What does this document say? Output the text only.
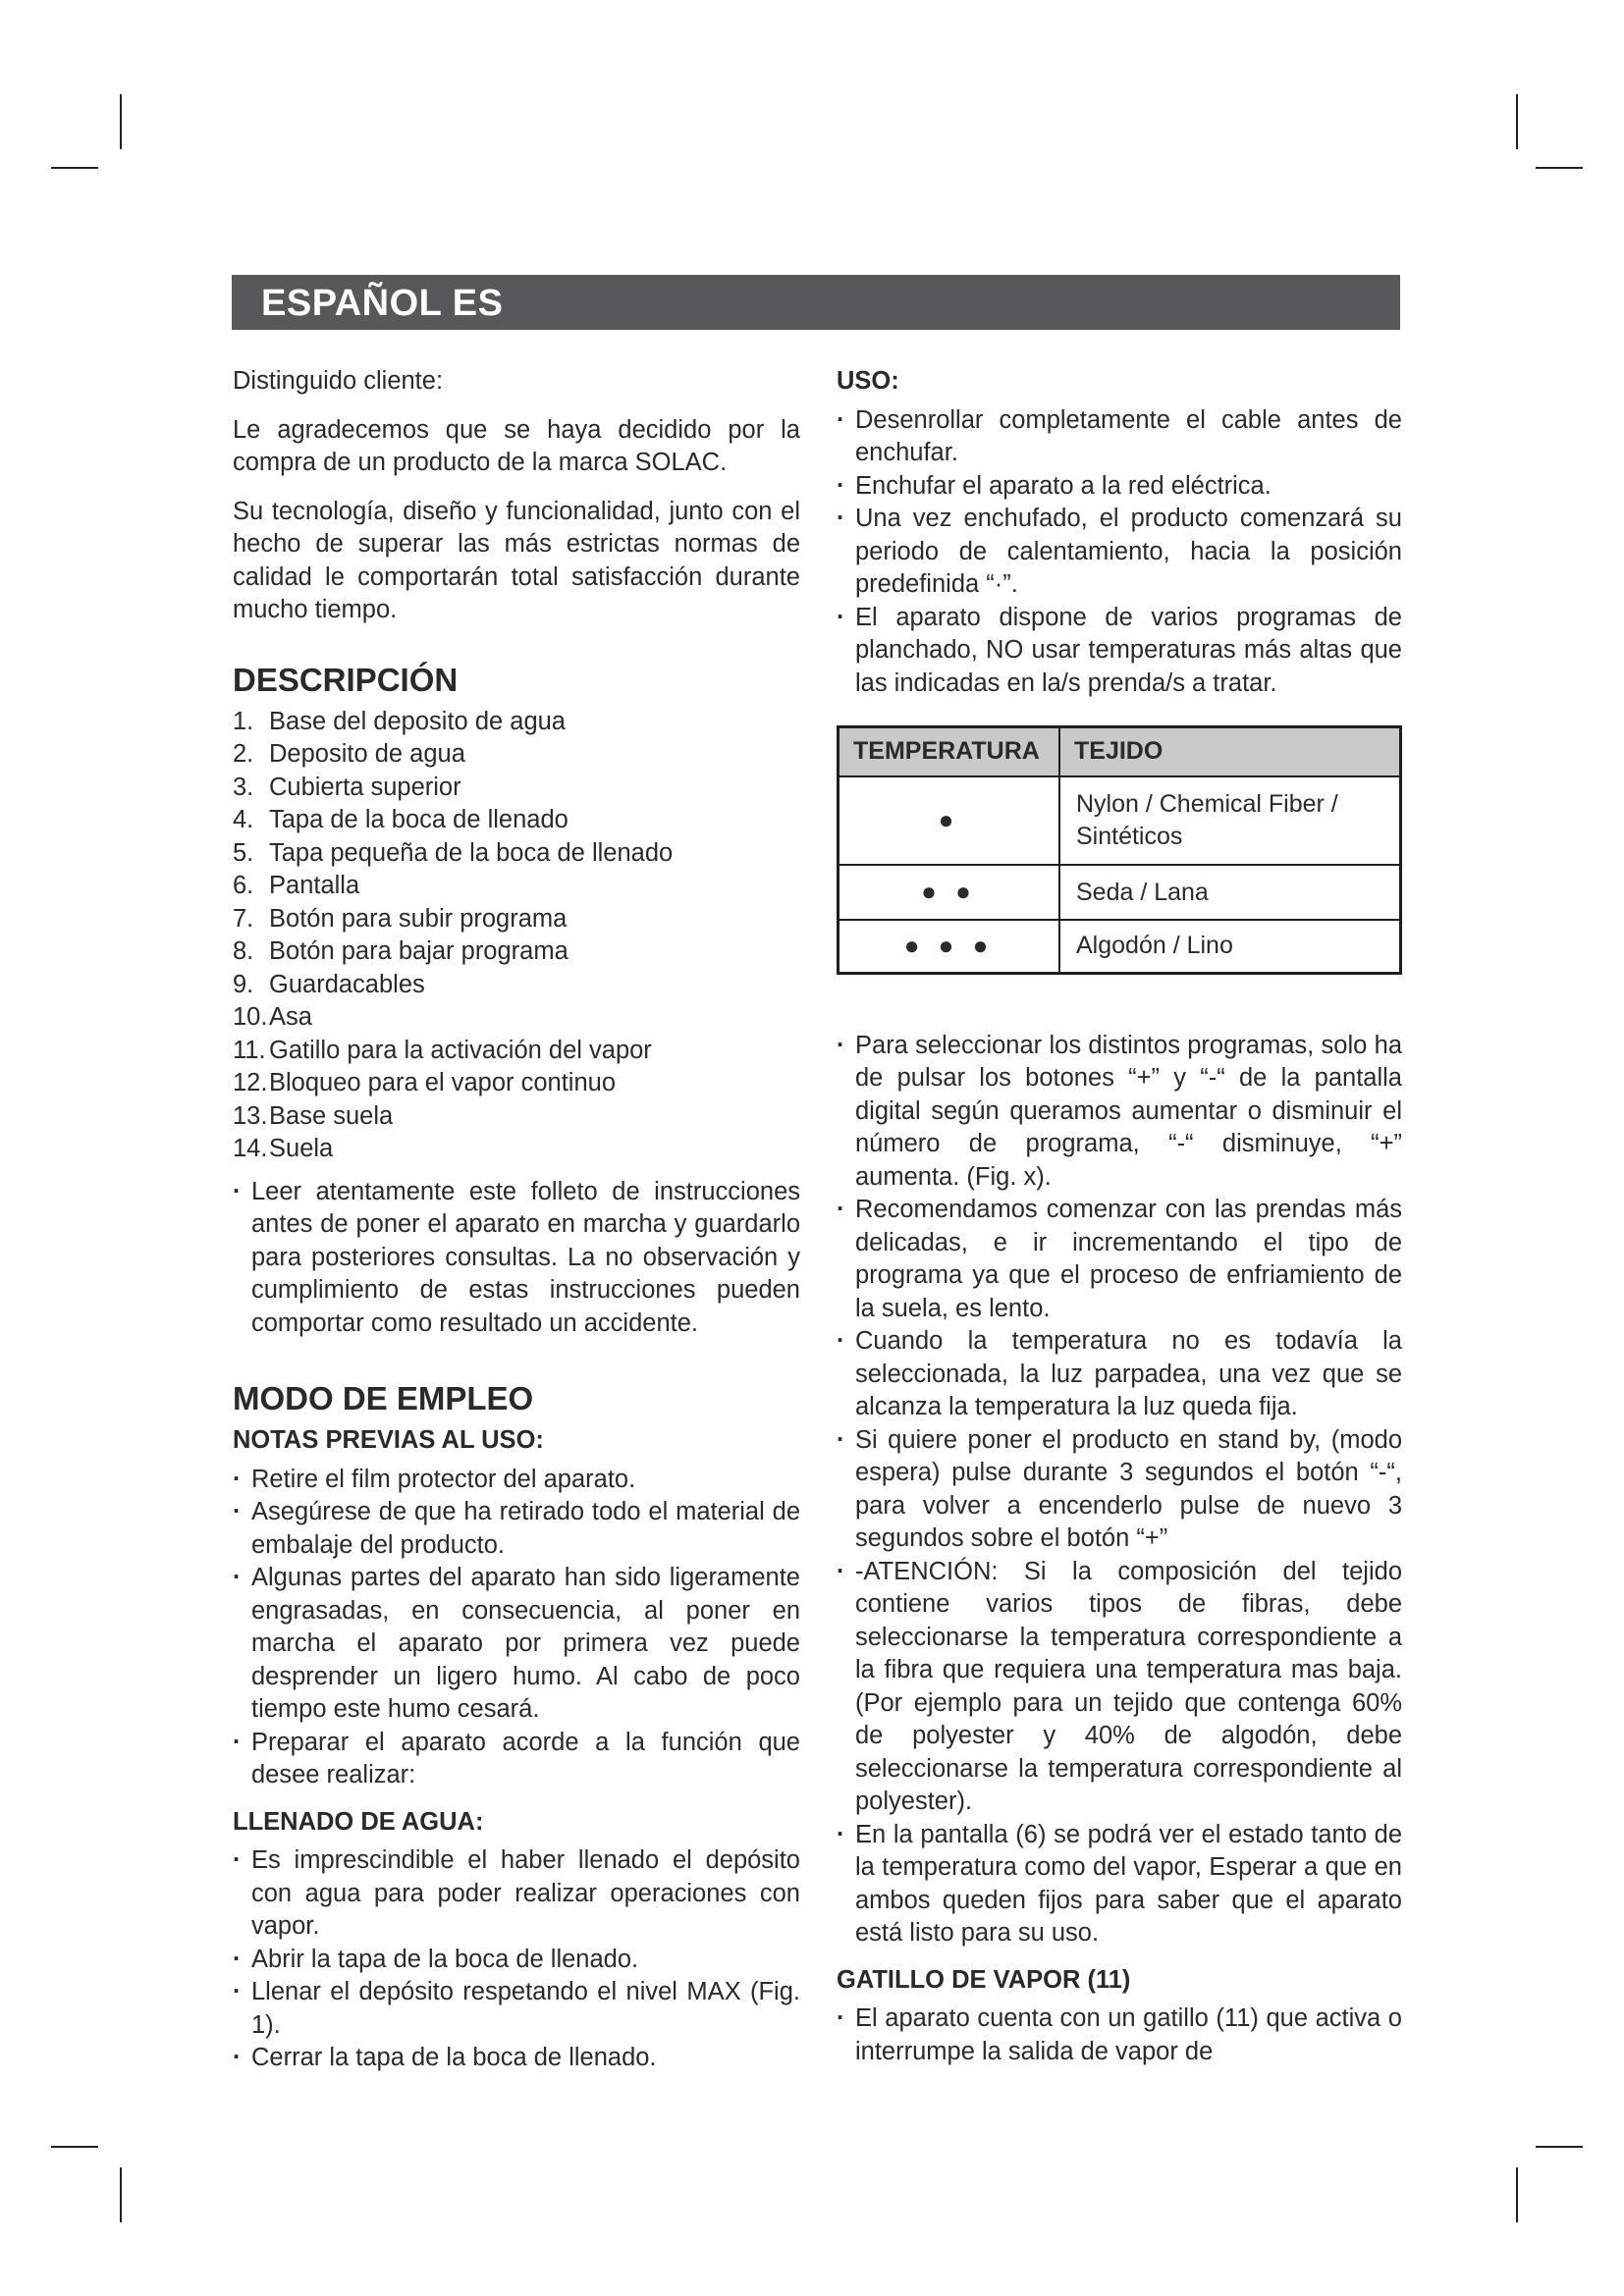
ESPAÑOL ES

Distinguido cliente:

Le agradecemos que se haya decidido por la compra de un producto de la marca SOLAC.

Su tecnología, diseño y funcionalidad, junto con el hecho de superar las más estrictas normas de calidad le comportarán total satisfacción durante mucho tiempo.

DESCRIPCIÓN
1. Base del deposito de agua
2. Deposito de agua
3. Cubierta superior
4. Tapa de la boca de llenado
5. Tapa pequeña de la boca de llenado
6. Pantalla
7. Botón para subir programa
8. Botón para bajar programa
9. Guardacables
10. Asa
11. Gatillo para la activación del vapor
12. Bloqueo para el vapor continuo
13. Base suela
14. Suela
· Leer atentamente este folleto de instrucciones antes de poner el aparato en marcha y guardarlo para posteriores consultas. La no observación y cumplimiento de estas instrucciones pueden comportar como resultado un accidente.
MODO DE EMPLEO
NOTAS PREVIAS AL USO:
· Retire el film protector del aparato.
· Asegúrese de que ha retirado todo el material de embalaje del producto.
· Algunas partes del aparato han sido ligeramente engrasadas, en consecuencia, al poner en marcha el aparato por primera vez puede desprender un ligero humo. Al cabo de poco tiempo este humo cesará.
· Preparar el aparato acorde a la función que desee realizar:
LLENADO DE AGUA:
· Es imprescindible el haber llenado el depósito con agua para poder realizar operaciones con vapor.
· Abrir la tapa de la boca de llenado.
· Llenar el depósito respetando el nivel MAX (Fig. 1).
· Cerrar la tapa de la boca de llenado.
USO:
· Desenrollar completamente el cable antes de enchufar.
· Enchufar el aparato a la red eléctrica.
· Una vez enchufado, el producto comenzará su periodo de calentamiento, hacia la posición predefinida “·”.
· El aparato dispone de varios programas de planchado, NO usar temperaturas más altas que las indicadas en la/s prenda/s a tratar.
TEMPERATURA	TEJIDO
●	Nylon / Chemical Fiber / Sintéticos
● ●	Seda / Lana
● ● ●	Algodón / Lino
· Para seleccionar los distintos programas, solo ha de pulsar los botones “+” y “-“ de la pantalla digital según queramos aumentar o disminuir el número de programa, “-“ disminuye, “+” aumenta. (Fig. x).
· Recomendamos comenzar con las prendas más delicadas, e ir incrementando el tipo de programa ya que el proceso de enfriamiento de la suela, es lento.
· Cuando la temperatura no es todavía la seleccionada, la luz parpadea, una vez que se alcanza la temperatura la luz queda fija.
· Si quiere poner el producto en stand by, (modo espera) pulse durante 3 segundos el botón “-“, para volver a encenderlo pulse de nuevo 3 segundos sobre el botón “+”
· -ATENCIÓN: Si la composición del tejido contiene varios tipos de fibras, debe seleccionarse la temperatura correspondiente a la fibra que requiera una temperatura mas baja. (Por ejemplo para un tejido que contenga 60% de polyester y 40% de algodón, debe seleccionarse la temperatura correspondiente al polyester).
· En la pantalla (6) se podrá ver el estado tanto de la temperatura como del vapor, Esperar a que en ambos queden fijos para saber que el aparato está listo para su uso.
GATILLO DE VAPOR (11)
· El aparato cuenta con un gatillo (11) que activa o interrumpe la salida de vapor de
